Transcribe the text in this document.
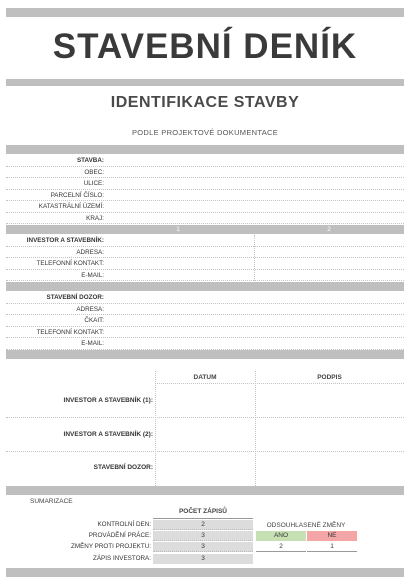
STAVEBNÍ DENÍK
IDENTIFIKACE STAVBY
PODLE PROJEKTOVÉ DOKUMENTACE
STAVBA:
OBEC:
ULICE:
PARCELNÍ ČÍSLO:
KATASTRÁLNÍ ÚZEMÍ:
KRAJ:
1	2
INVESTOR A STAVEBNÍK:
ADRESA:
TELEFONNÍ KONTAKT:
E-MAIL:
STAVEBNÍ DOZOR:
ADRESA:
ČKAIT:
TELEFONNÍ KONTAKT:
E-MAIL:
DATUM	PODPIS
INVESTOR A STAVEBNÍK (1):
INVESTOR A STAVEBNÍK (2):
STAVEBNÍ DOZOR:
SUMARIZACE
POČET ZÁPISŮ
ODSOUHLASENÉ ZMĚNY
KONTROLNÍ DEN:	2
PROVÁDĚNÍ PRÁCE:	3	ANO	NE
ZMĚNY PROTI PROJEKTU:	3	2	1
ZÁPIS INVESTORA:	3
